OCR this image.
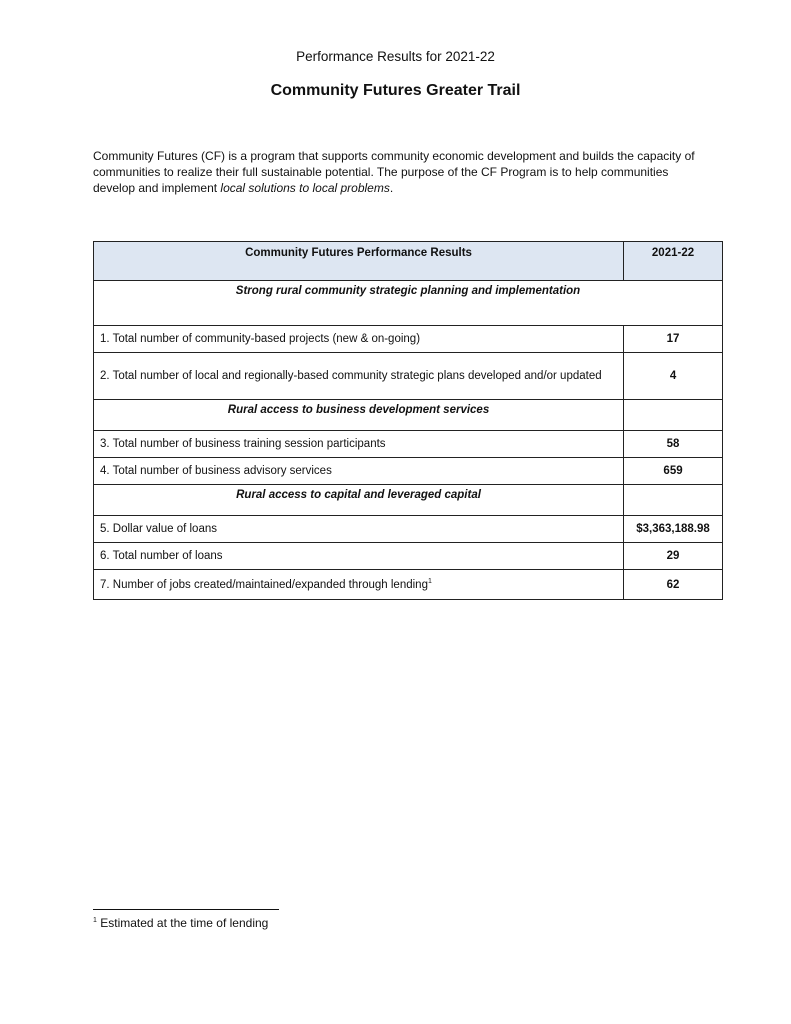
Performance Results for 2021-22
Community Futures Greater Trail

Community Futures (CF) is a program that supports community economic development and builds the capacity of communities to realize their full sustainable potential. The purpose of the CF Program is to help communities develop and implement local solutions to local problems.

Community Futures Performance Results	2021-22
Strong rural community strategic planning and implementation	
1. Total number of community-based projects (new & on-going)	17
2. Total number of local and regionally-based community strategic plans developed and/or updated	4
Rural access to business development services	
3. Total number of business training session participants	58
4. Total number of business advisory services	659
Rural access to capital and leveraged capital	
5. Dollar value of loans	$3,363,188.98
6. Total number of loans	29
7. Number of jobs created/maintained/expanded through lending$^1$	62
$^1$ Estimated at the time of lending
